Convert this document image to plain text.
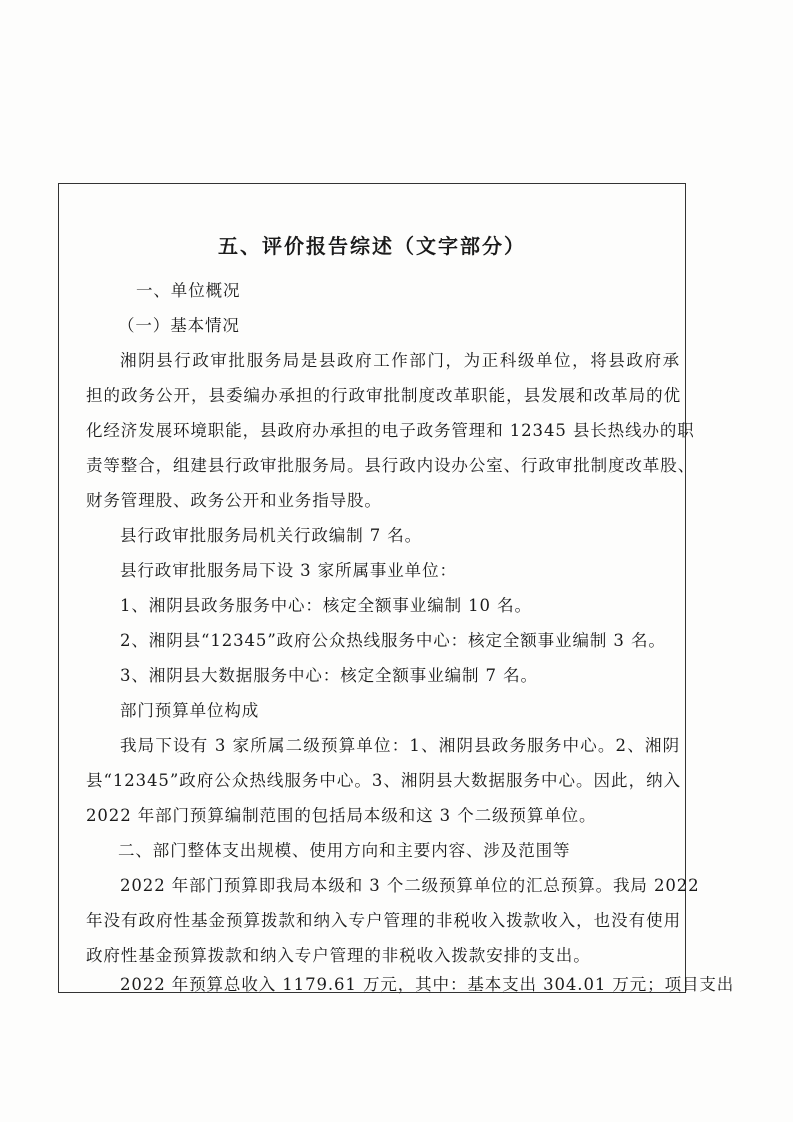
五、评价报告综述（文字部分）
一、单位概况
（一）基本情况
湘阴县行政审批服务局是县政府工作部门，为正科级单位，将县政府承
担的政务公开，县委编办承担的行政审批制度改革职能，县发展和改革局的优
化经济发展环境职能，县政府办承担的电子政务管理和 12345 县长热线办的职
责等整合，组建县行政审批服务局。县行政内设办公室、行政审批制度改革股、
财务管理股、政务公开和业务指导股。
县行政审批服务局机关行政编制 7 名。
县行政审批服务局下设 3 家所属事业单位：
1、湘阴县政务服务中心：核定全额事业编制 10 名。
2、湘阴县“12345”政府公众热线服务中心：核定全额事业编制 3 名。
3、湘阴县大数据服务中心：核定全额事业编制 7 名。
部门预算单位构成
我局下设有 3 家所属二级预算单位：1、湘阴县政务服务中心。2、湘阴
县“12345”政府公众热线服务中心。3、湘阴县大数据服务中心。因此，纳入
2022 年部门预算编制范围的包括局本级和这 3 个二级预算单位。
二、部门整体支出规模、使用方向和主要内容、涉及范围等
2022 年部门预算即我局本级和 3 个二级预算单位的汇总预算。我局 2022
年没有政府性基金预算拨款和纳入专户管理的非税收入拨款收入，也没有使用
政府性基金预算拨款和纳入专户管理的非税收入拨款安排的支出。
2022 年预算总收入 1179.61 万元，其中：基本支出 304.01 万元；项目支出
